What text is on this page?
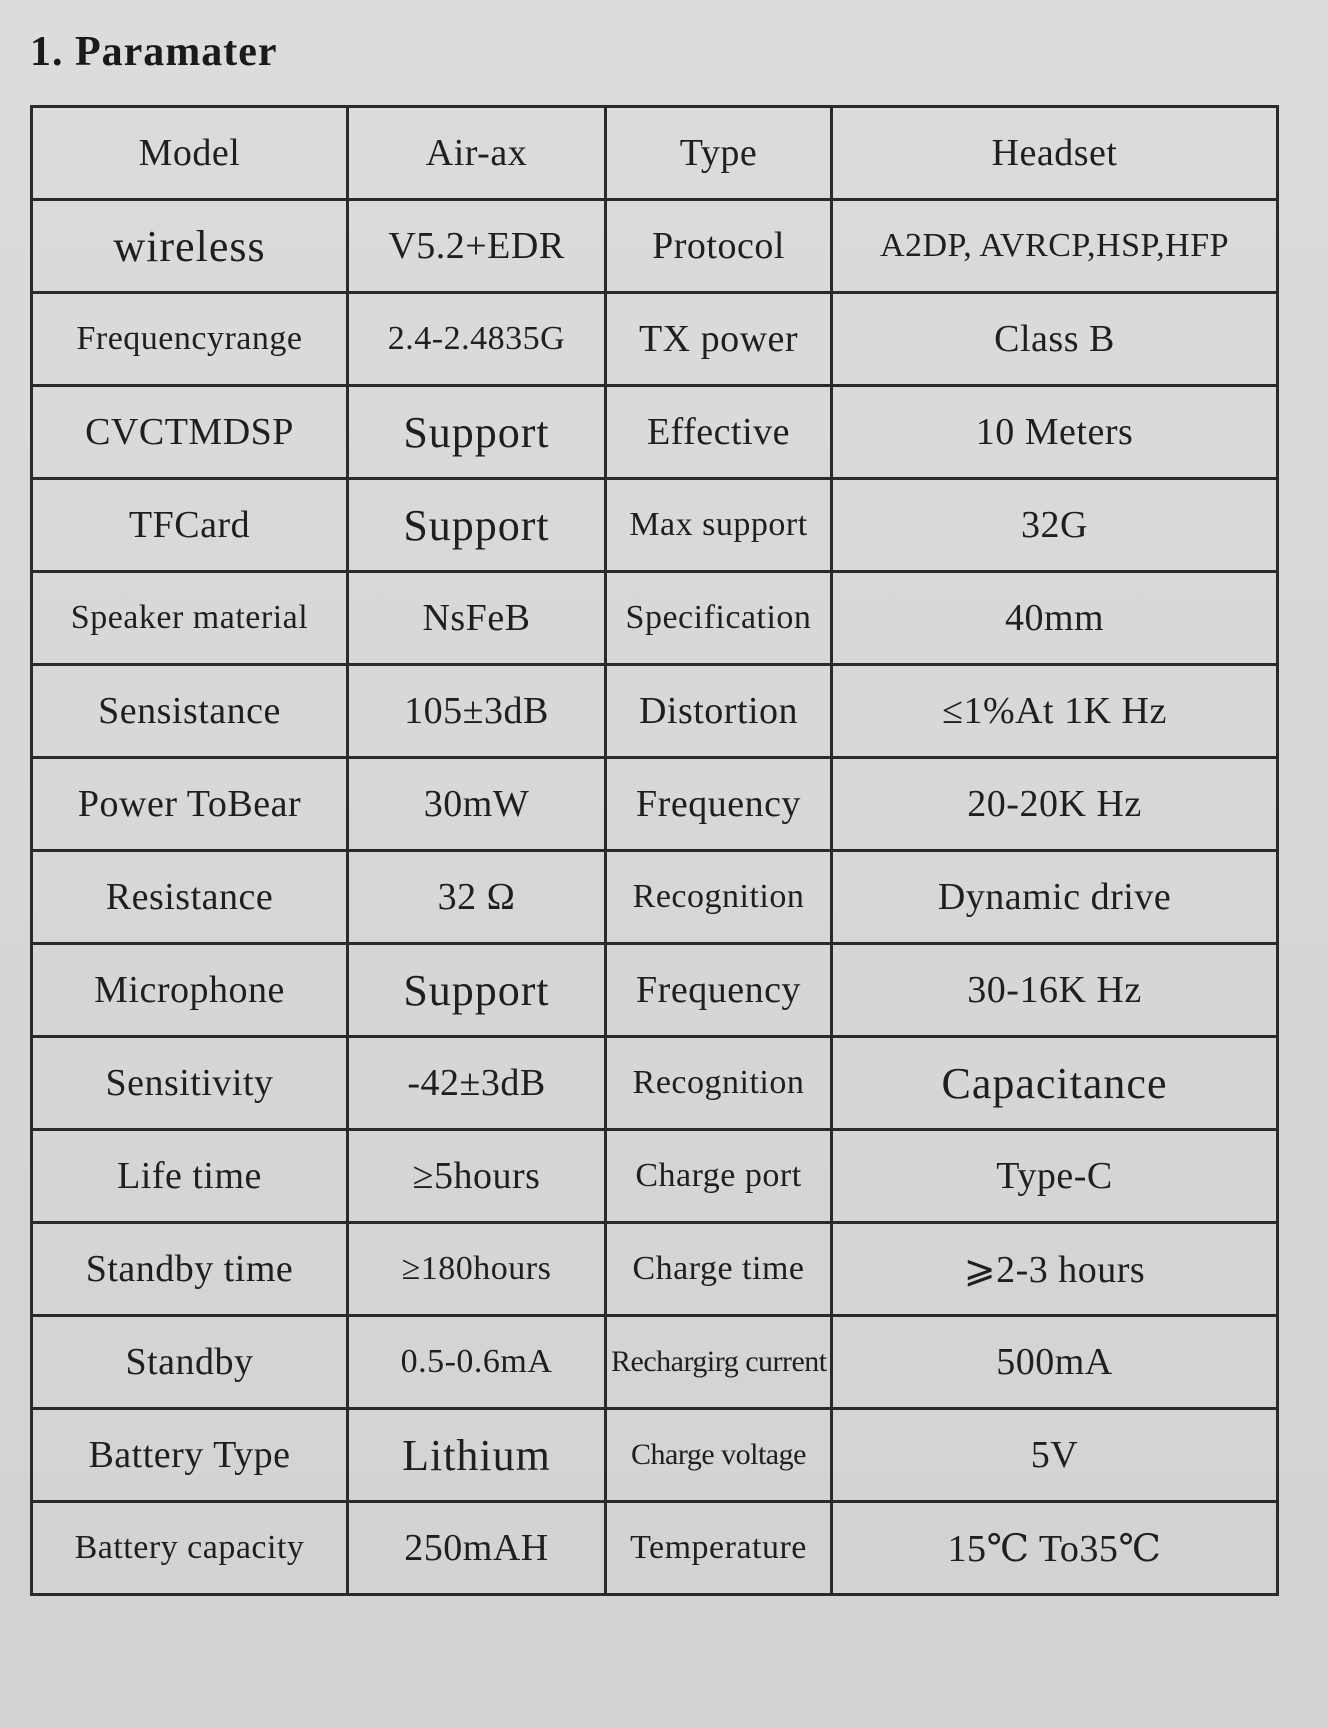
1. Paramater
Model	Air-ax	Type	Headset
wireless	V5.2+EDR	Protocol	A2DP, AVRCP,HSP,HFP
Frequencyrange	2.4-2.4835G	TX power	Class B
CVCTMDSP	Support	Effective	10 Meters
TFCard	Support	Max support	32G
Speaker material	NsFeB	Specification	40mm
Sensistance	105±3dB	Distortion	≤1%At 1K Hz
Power ToBear	30mW	Frequency	20-20K Hz
Resistance	32 Ω	Recognition	Dynamic drive
Microphone	Support	Frequency	30-16K Hz
Sensitivity	-42±3dB	Recognition	Capacitance
Life time	≥5hours	Charge port	Type-C
Standby time	≥180hours	Charge time	⩾2-3 hours
Standby	0.5-0.6mA	Rechargirg current	500mA
Battery Type	Lithium	Charge voltage	5V
Battery capacity	250mAH	Temperature	15℃ To35℃
